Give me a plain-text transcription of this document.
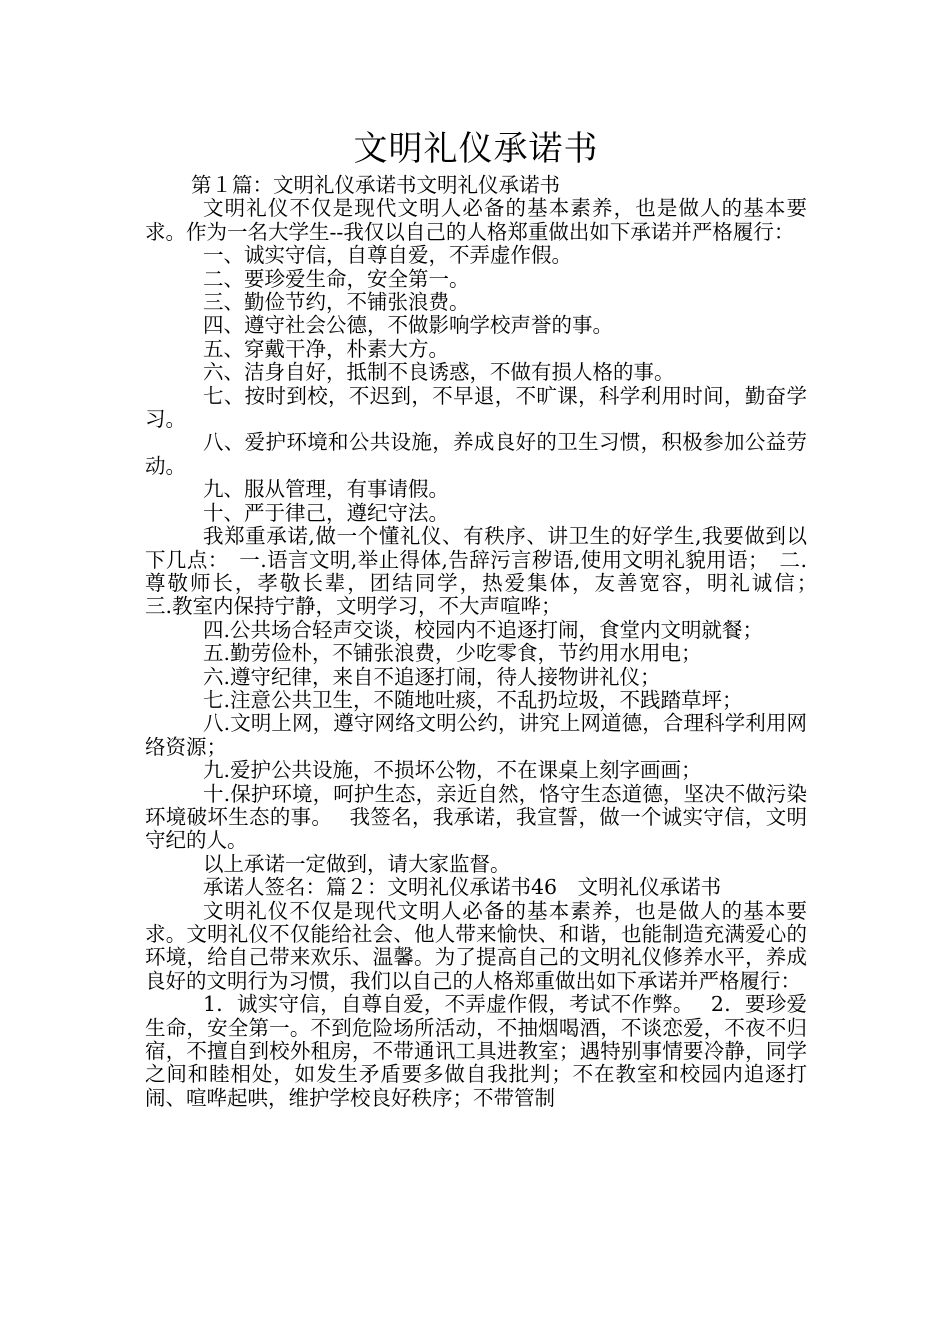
文明礼仪承诺书

第１篇：文明礼仪承诺书文明礼仪承诺书

文明礼仪不仅是现代文明人必备的基本素养，也是做人的基本要求。作为一名大学生--我仅以自己的人格郑重做出如下承诺并严格履行：

一、诚实守信，自尊自爱，不弄虚作假。

二、要珍爱生命，安全第一。

三、勤俭节约，不铺张浪费。

四、遵守社会公德，不做影响学校声誉的事。

五、穿戴干净，朴素大方。

六、洁身自好，抵制不良诱惑，不做有损人格的事。

七、按时到校，不迟到，不早退，不旷课，科学利用时间，勤奋学习。

八、爱护环境和公共设施，养成良好的卫生习惯，积极参加公益劳动。

九、服从管理，有事请假。

十、严于律己，遵纪守法。

我郑重承诺,做一个懂礼仪、有秩序、讲卫生的好学生,我要做到以下几点：　一.语言文明,举止得体,告辞污言秽语,使用文明礼貌用语；　二.尊敬师长，孝敬长辈，团结同学，热爱集体，友善宽容，明礼诚信；　　三.教室内保持宁静，文明学习，不大声喧哗；

四.公共场合轻声交谈，校园内不追逐打闹，食堂内文明就餐；

五.勤劳俭朴，不铺张浪费，少吃零食，节约用水用电；

六.遵守纪律，来自不追逐打闹，待人接物讲礼仪；

七.注意公共卫生，不随地吐痰，不乱扔垃圾，不践踏草坪；

八.文明上网，遵守网络文明公约，讲究上网道德，合理科学利用网络资源；

九.爱护公共设施，不损坏公物，不在课桌上刻字画画；

十.保护环境，呵护生态，亲近自然，恪守生态道德，坚决不做污染环境破坏生态的事。　 我签名，我承诺，我宣誓，做一个诚实守信，文明守纪的人。

以上承诺一定做到，请大家监督。

承诺人签名：篇２：文明礼仪承诺书46　文明礼仪承诺书

文明礼仪不仅是现代文明人必备的基本素养，也是做人的基本要求。文明礼仪不仅能给社会、他人带来愉快、和谐，也能制造充满爱心的环境，给自己带来欢乐、温馨。为了提高自己的文明礼仪修养水平，养成良好的文明行为习惯，我们以自己的人格郑重做出如下承诺并严格履行：

1．诚实守信，自尊自爱，不弄虚作假，考试不作弊。　 2．要珍爱生命，安全第一。不到危险场所活动，不抽烟喝酒，不谈恋爱，不夜不归宿，不擅自到校外租房，不带通讯工具进教室；遇特别事情要冷静，同学之间和睦相处，如发生矛盾要多做自我批判；不在教室和校园内追逐打闹、喧哗起哄，维护学校良好秩序；不带管制
